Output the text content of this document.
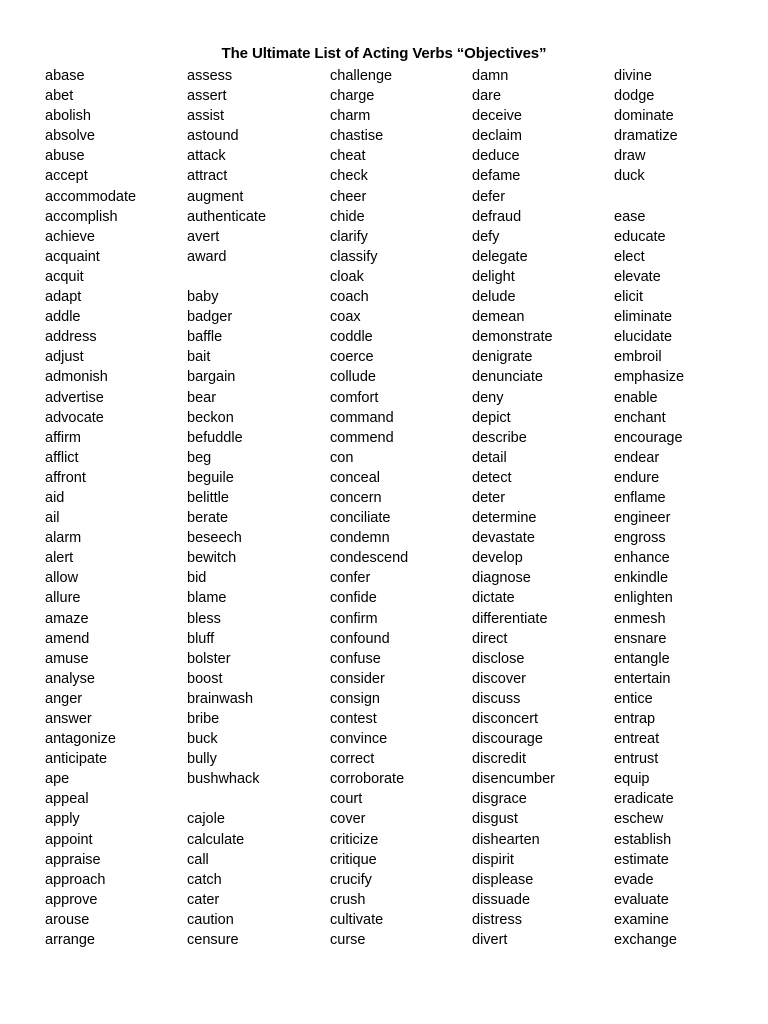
The Ultimate List of Acting Verbs “Objectives”
abase
abet
abolish
absolve
abuse
accept
accommodate
accomplish
achieve
acquaint
acquit
adapt
addle
address
adjust
admonish
advertise
advocate
affirm
afflict
affront
aid
ail
alarm
alert
allow
allure
amaze
amend
amuse
analyse
anger
answer
antagonize
anticipate
ape
appeal
apply
appoint
appraise
approach
approve
arouse
arrange
assess
assert
assist
astound
attack
attract
augment
authenticate
avert
award
baby
badger
baffle
bait
bargain
bear
beckon
befuddle
beg
beguile
belittle
berate
beseech
bewitch
bid
blame
bless
bluff
bolster
boost
brainwash
bribe
buck
bully
bushwhack
cajole
calculate
call
catch
cater
caution
censure
challenge
charge
charm
chastise
cheat
check
cheer
chide
clarify
classify
cloak
coach
coax
coddle
coerce
collude
comfort
command
commend
con
conceal
concern
conciliate
condemn
condescend
confer
confide
confirm
confound
confuse
consider
consign
contest
convince
correct
corroborate
court
cover
criticize
critique
crucify
crush
cultivate
curse
damn
dare
deceive
declaim
deduce
defame
defer
defraud
defy
delegate
delight
delude
demean
demonstrate
denigrate
denunciate
deny
depict
describe
detail
detect
deter
determine
devastate
develop
diagnose
dictate
differentiate
direct
disclose
discover
discuss
disconcert
discourage
discredit
disencumber
disgrace
disgust
dishearten
dispirit
displease
dissuade
distress
divert
divine
dodge
dominate
dramatize
draw
duck
ease
educate
elect
elevate
elicit
eliminate
elucidate
embroil
emphasize
enable
enchant
encourage
endear
endure
enflame
engineer
engross
enhance
enkindle
enlighten
enmesh
ensnare
entangle
entertain
entice
entrap
entreat
entrust
equip
eradicate
eschew
establish
estimate
evade
evaluate
examine
exchange
